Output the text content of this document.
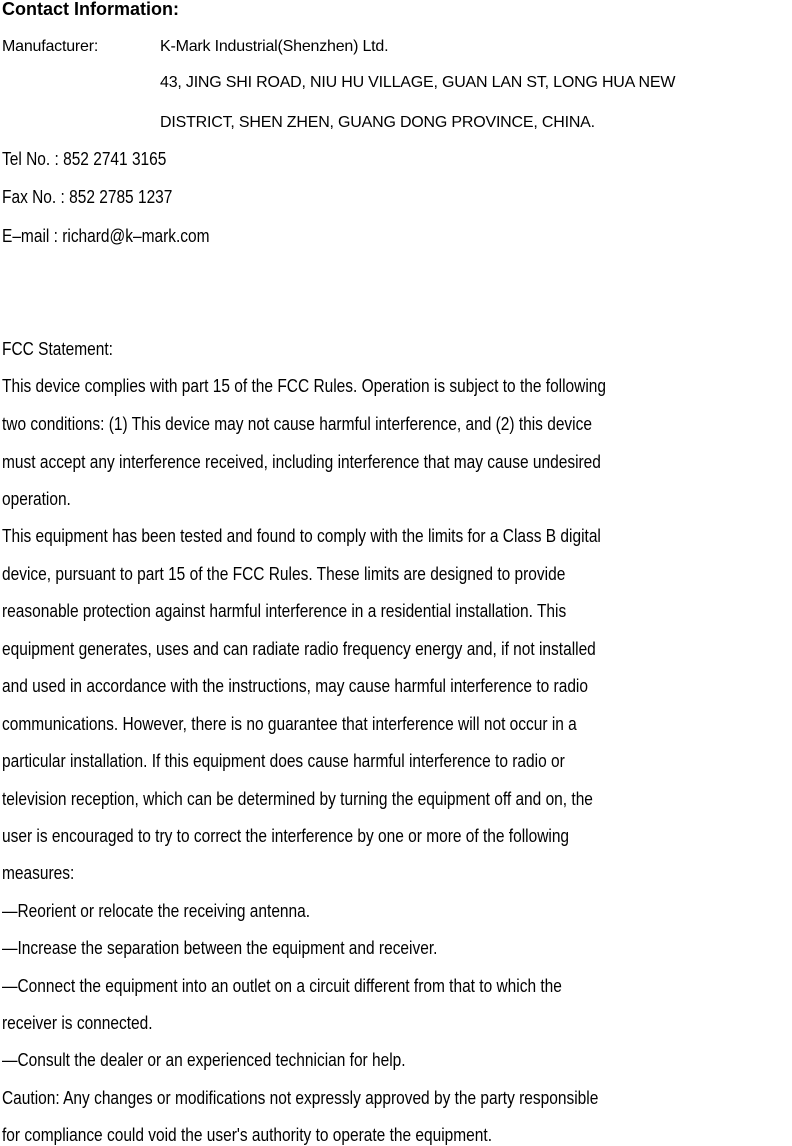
Contact Information:
Manufacturer:	K-Mark Industrial(Shenzhen) Ltd.
43, JING SHI ROAD, NIU HU VILLAGE, GUAN LAN ST, LONG HUA NEW
DISTRICT, SHEN ZHEN, GUANG DONG PROVINCE, CHINA.
Tel No. : 852 2741 3165
Fax No. : 852 2785 1237
E–mail : richard@k–mark.com
FCC Statement:
This device complies with part 15 of the FCC Rules. Operation is subject to the following
two conditions: (1) This device may not cause harmful interference, and (2) this device
must accept any interference received, including interference that may cause undesired
operation.
This equipment has been tested and found to comply with the limits for a Class B digital
device, pursuant to part 15 of the FCC Rules. These limits are designed to provide
reasonable protection against harmful interference in a residential installation. This
equipment generates, uses and can radiate radio frequency energy and, if not installed
and used in accordance with the instructions, may cause harmful interference to radio
communications. However, there is no guarantee that interference will not occur in a
particular installation. If this equipment does cause harmful interference to radio or
television reception, which can be determined by turning the equipment off and on, the
user is encouraged to try to correct the interference by one or more of the following
measures:
—Reorient or relocate the receiving antenna.
—Increase the separation between the equipment and receiver.
—Connect the equipment into an outlet on a circuit different from that to which the
receiver is connected.
—Consult the dealer or an experienced technician for help.
Caution: Any changes or modifications not expressly approved by the party responsible
for compliance could void the user's authority to operate the equipment.
